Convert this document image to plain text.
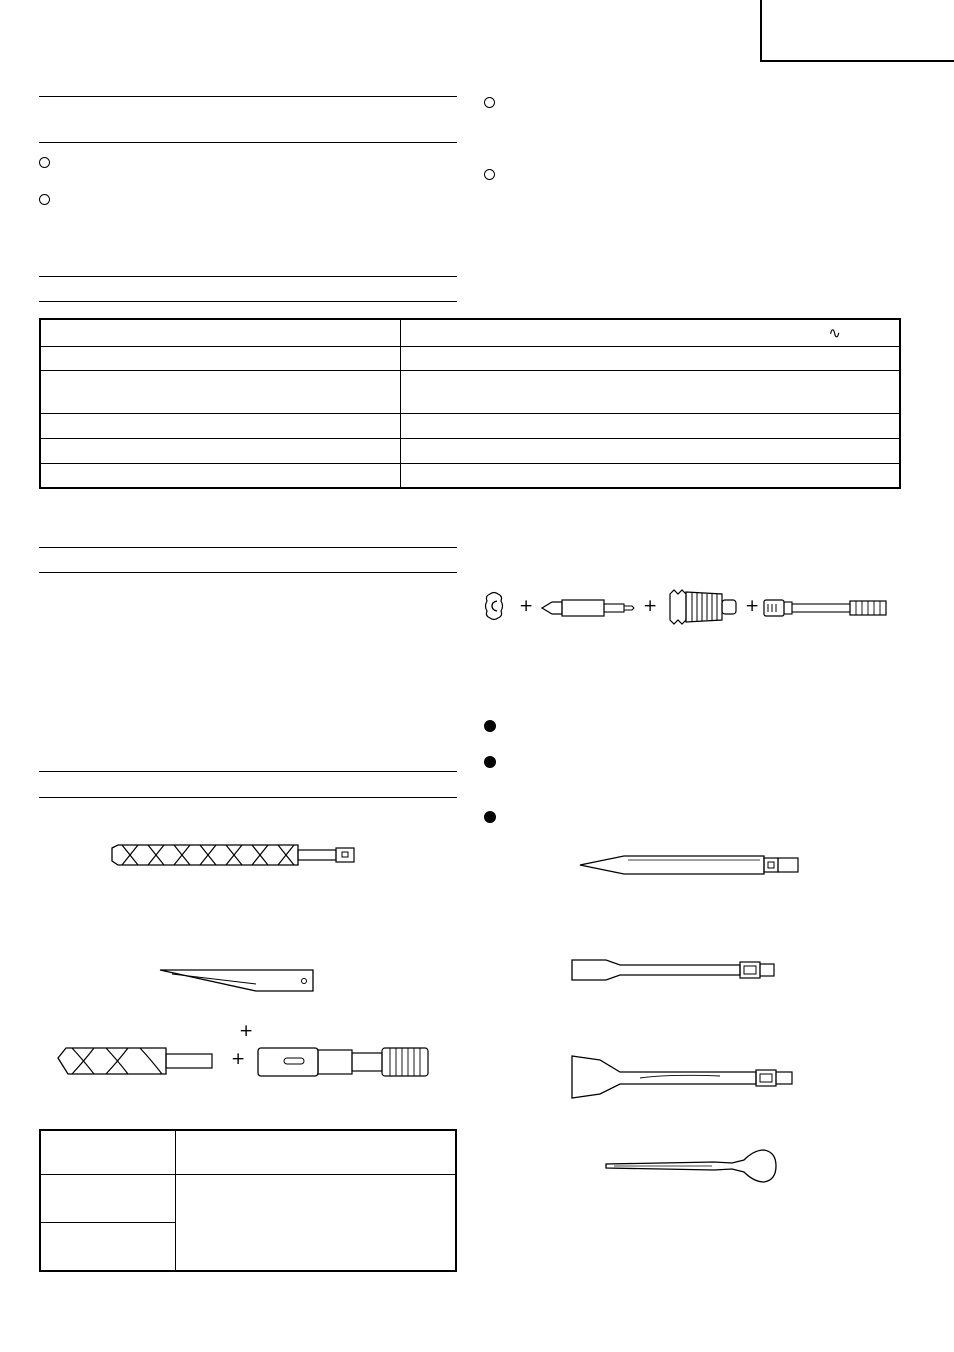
	∿

+
+

+	+	+
